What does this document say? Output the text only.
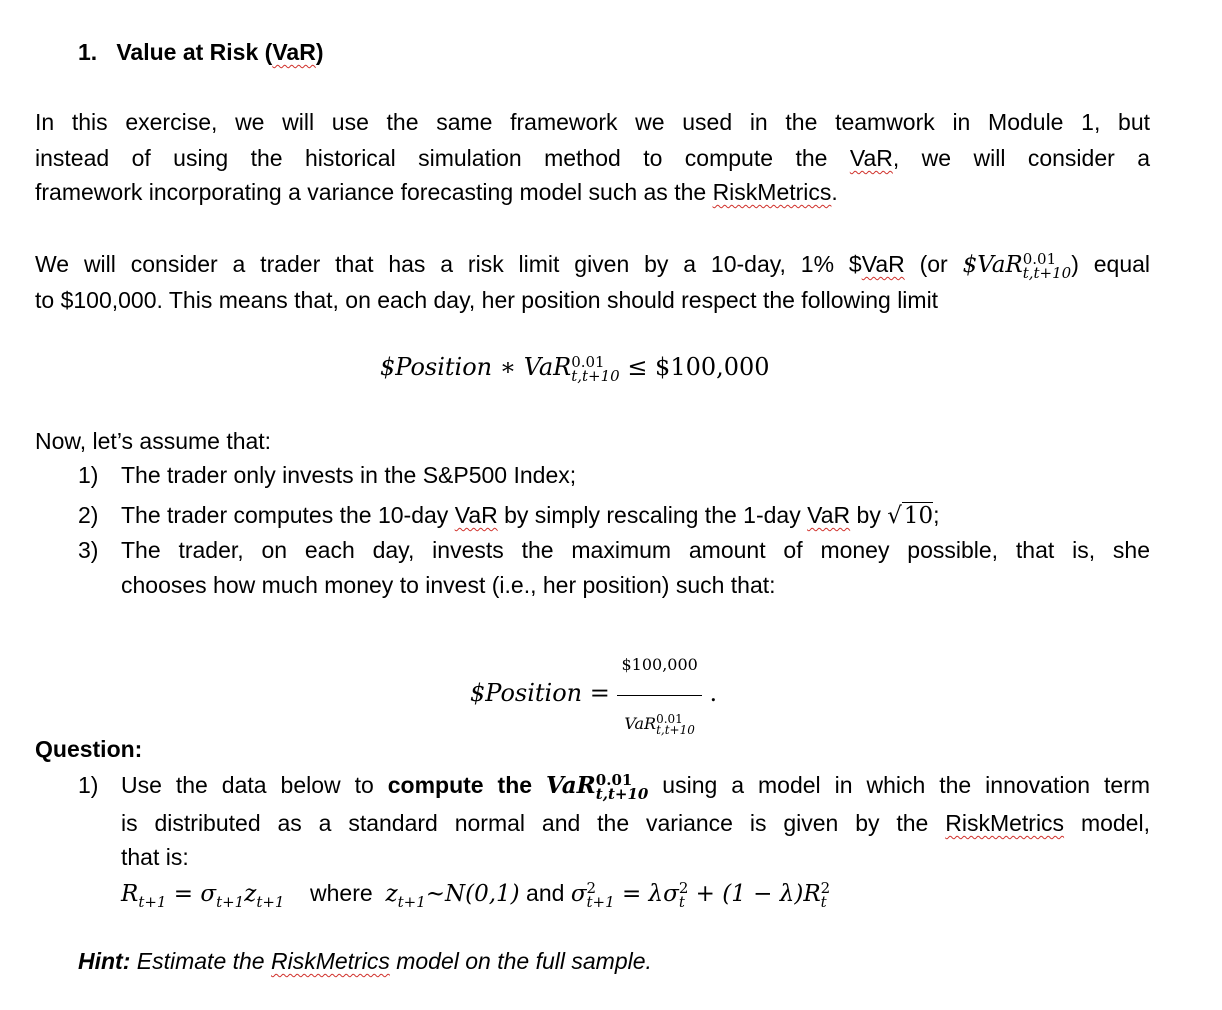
1. Value at Risk (VaR)
In this exercise, we will use the same framework we used in the teamwork in Module 1, but
instead of using the historical simulation method to compute the VaR, we will consider a
framework incorporating a variance forecasting model such as the RiskMetrics.
We will consider a trader that has a risk limit given by a 10-day, 1% $VaR (or $VaR 0.01
t,t+10 ) equal
to $100,000. This means that, on each day, her position should respect the following limit
$Position ∗ VaR 0.01
t,t+10 ≤ $100,000
Now, let’s assume that:
1) The trader only invests in the S&P500 Index;
2) The trader computes the 10-day VaR by simply rescaling the 1-day VaR by √10;
3) The trader, on each day, invests the maximum amount of money possible, that is, she
chooses how much money to invest (i.e., her position) such that:
$Position = $100,000
VaR 0.01
t,t+10 .
Question:
1) Use the data below to compute the VaR 0.01
t,t+10 using a model in which the innovation term
is distributed as a standard normal and the variance is given by the RiskMetrics model,
that is:
$R_{t+1} = \sigma_{t+1}z_{t+1}$ where $z_{t+1}\sim N(0,1)$ and σ 2
t+1 = λσ 2
t + (1 − λ)R 2
t
Hint: Estimate the RiskMetrics model on the full sample.
